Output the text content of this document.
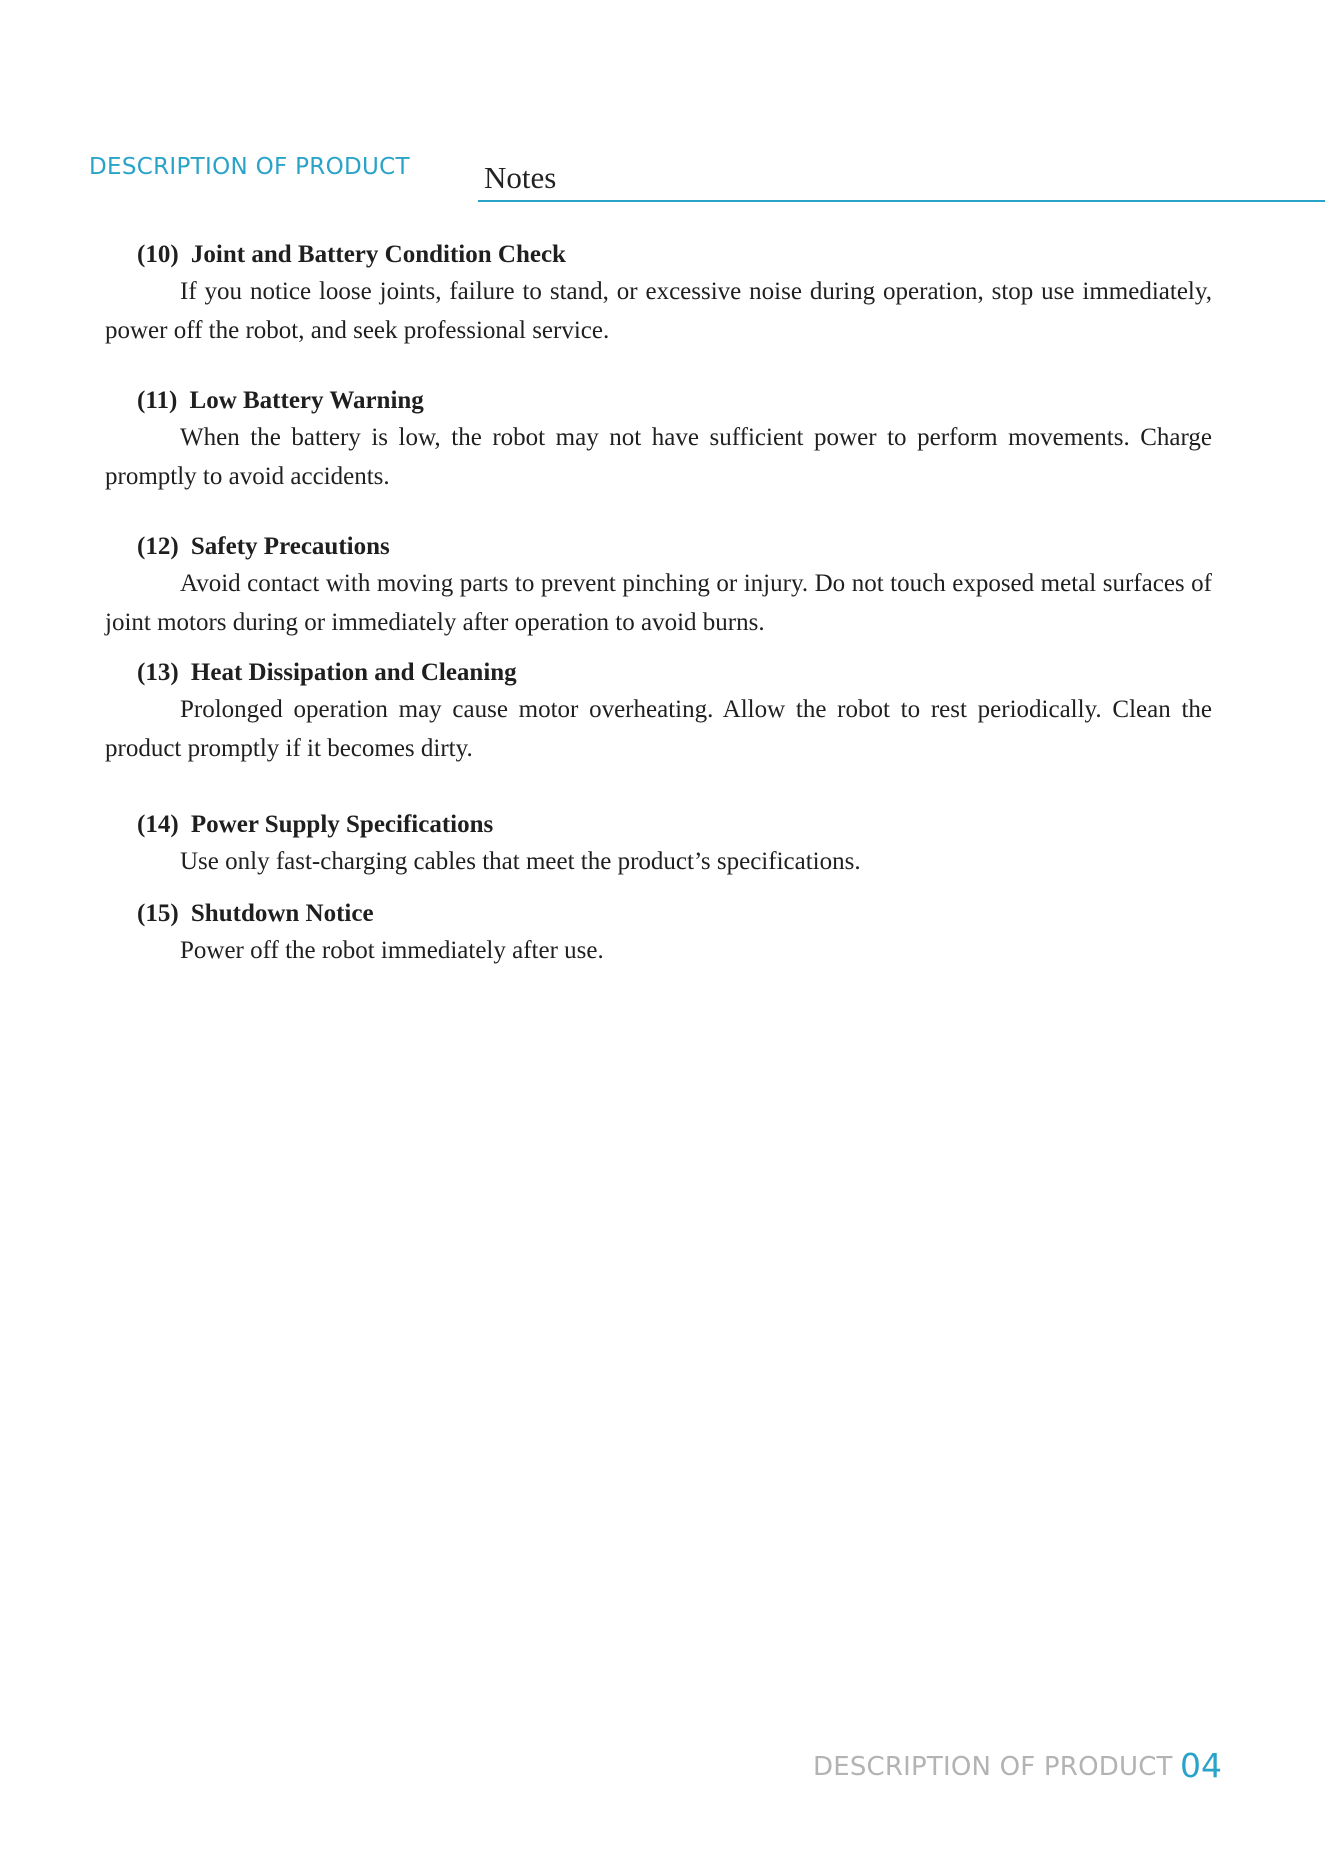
DESCRIPTION OF PRODUCT Notes

(10) Joint and Battery Condition Check

If you notice loose joints, failure to stand, or excessive noise during operation, stop use immediately, power off the robot, and seek professional service.

(11) Low Battery Warning

When the battery is low, the robot may not have sufficient power to perform movements. Charge promptly to avoid accidents.

(12) Safety Precautions

Avoid contact with moving parts to prevent pinching or injury. Do not touch exposed metal surfaces of joint motors during or immediately after operation to avoid burns.

(13) Heat Dissipation and Cleaning

Prolonged operation may cause motor overheating. Allow the robot to rest periodically. Clean the product promptly if it becomes dirty.

(14) Power Supply Specifications

Use only fast-charging cables that meet the product’s specifications.

(15) Shutdown Notice

Power off the robot immediately after use.

DESCRIPTION OF PRODUCT 04
